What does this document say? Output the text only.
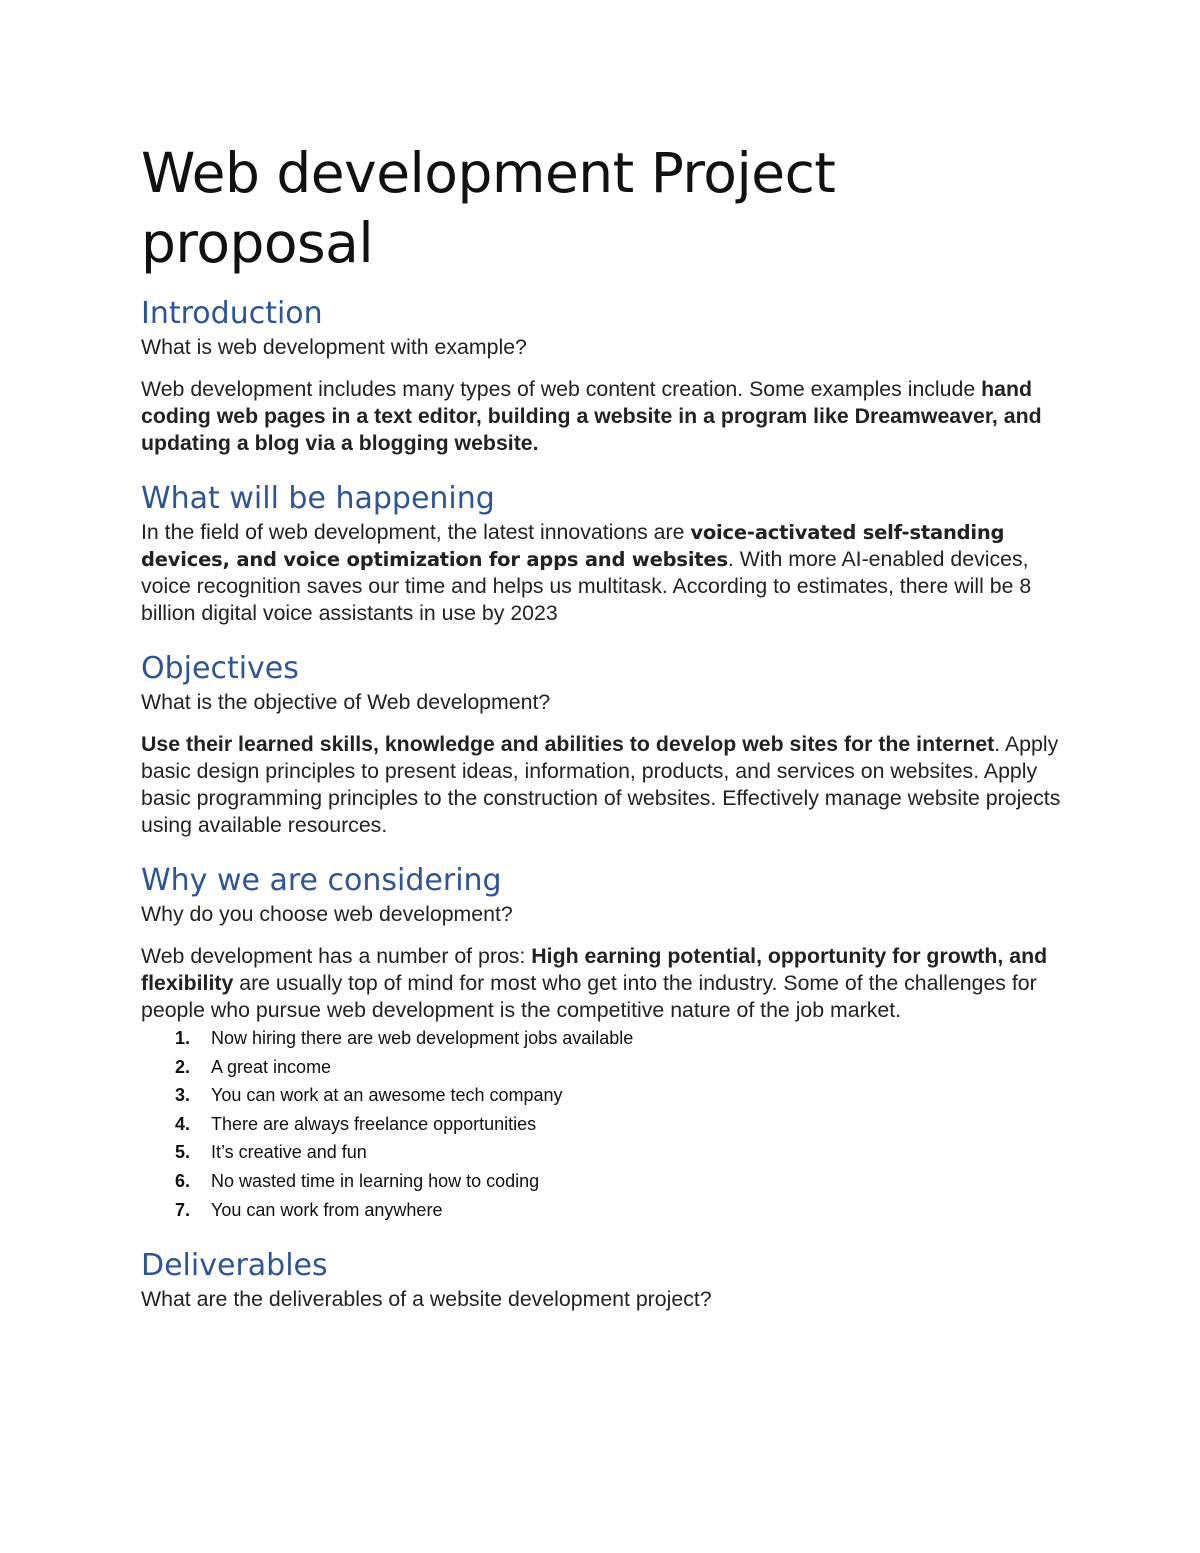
Web development Project proposal
Introduction

What is web development with example?

Web development includes many types of web content creation. Some examples include hand coding web pages in a text editor, building a website in a program like Dreamweaver, and updating a blog via a blogging website.

What will be happening

In the field of web development, the latest innovations are voice-activated self-standing devices, and voice optimization for apps and websites. With more AI-enabled devices, voice recognition saves our time and helps us multitask. According to estimates, there will be 8 billion digital voice assistants in use by 2023

Objectives

What is the objective of Web development?

Use their learned skills, knowledge and abilities to develop web sites for the internet. Apply basic design principles to present ideas, information, products, and services on websites. Apply basic programming principles to the construction of websites. Effectively manage website projects using available resources.

Why we are considering

Why do you choose web development?

Web development has a number of pros: High earning potential, opportunity for growth, and flexibility are usually top of mind for most who get into the industry. Some of the challenges for people who pursue web development is the competitive nature of the job market.

1. Now hiring there are web development jobs available
2. A great income
3. You can work at an awesome tech company
4. There are always freelance opportunities
5. It’s creative and fun
6. No wasted time in learning how to coding
7. You can work from anywhere
Deliverables

What are the deliverables of a website development project?
